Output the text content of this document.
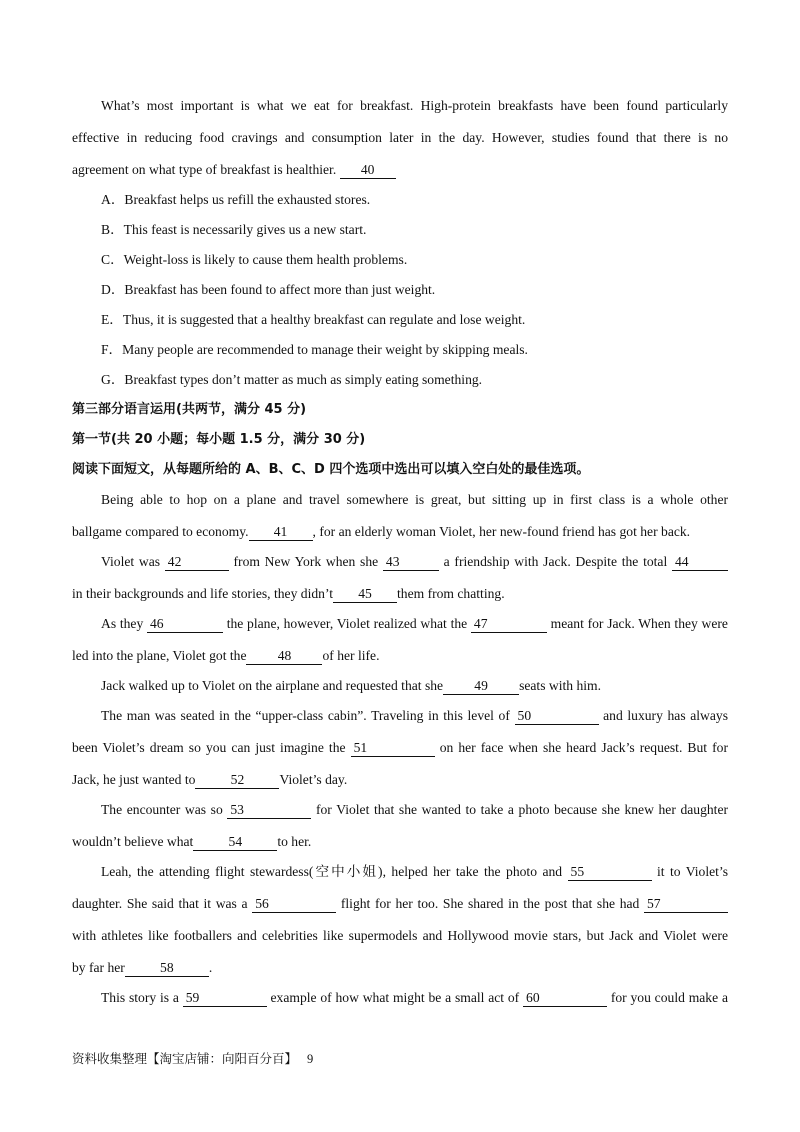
What’s most important is what we eat for breakfast. High-protein breakfasts have been found particularly
effective in reducing food cravings and consumption later in the day. However, studies found that there is no
agreement on what type of breakfast is healthier. 40
A．Breakfast helps us refill the exhausted stores.
B．This feast is necessarily gives us a new start.
C．Weight-loss is likely to cause them health problems.
D．Breakfast has been found to affect more than just weight.
E．Thus, it is suggested that a healthy breakfast can regulate and lose weight.
F．Many people are recommended to manage their weight by skipping meals.
G．Breakfast types don’t matter as much as simply eating something.
第三部分语言运用(共两节，满分 45 分)
第一节(共 20 小题；每小题 1.5 分，满分 30 分)
阅读下面短文，从每题所给的 A、B、C、D 四个选项中选出可以填入空白处的最佳选项。
Being able to hop on a plane and travel somewhere is great, but sitting up in first class is a whole other
ballgame compared to economy. 41 , for an elderly woman Violet, her new-found friend has got her back.
Violet was 42	from New York when she 43	a friendship with Jack. Despite the total 44
in their backgrounds and life stories, they didn’t 45 them from chatting.
As they 46	the plane, however, Violet realized what the 47	meant for Jack. When they were
led into the plane, Violet got the 48 of her life.
Jack walked up to Violet on the airplane and requested that she 49 seats with him.
The man was seated in the “upper-class cabin”. Traveling in this level of 50	and luxury has always
been Violet’s dream so you can just imagine the 51	on her face when she heard Jack’s request. But for
Jack, he just wanted to	52	Violet’s day.
The encounter was so 53	for Violet that she wanted to take a photo because she knew her daughter
wouldn’t believe what	54	to her.
Leah, the attending flight stewardess(空中小姐), helped her take the photo and 55	it to Violet’s
daughter. She said that it was a 56	flight for her too. She shared in the post that she had 57
with athletes like footballers and celebrities like supermodels and Hollywood movie stars, but Jack and Violet were
by far her	58	.
This story is a 59	example of how what might be a small act of 60	for you could make a
资料收集整理【淘宝店铺：向阳百分百】 9
